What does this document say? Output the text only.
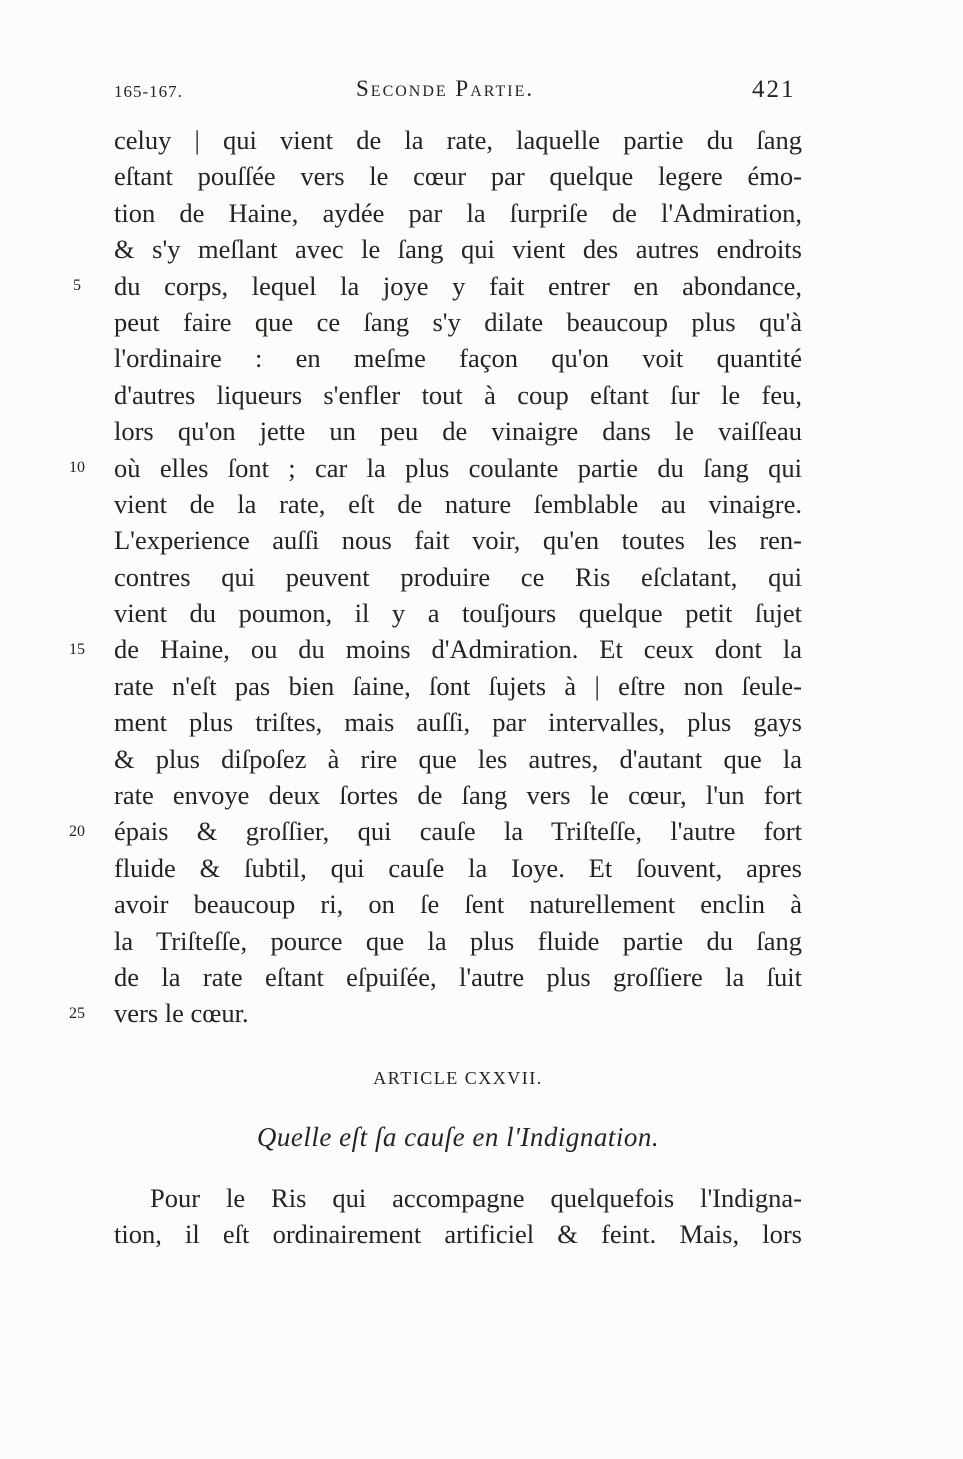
165-167.	Seconde Partie.	421
5
10
15
20
25
celuy | qui vient de la rate, laquelle partie du ſang
eſtant pouſſée vers le cœur par quelque legere émo-
tion de Haine, aydée par la ſurpriſe de l'Admiration,
& s'y meſlant avec le ſang qui vient des autres endroits
du corps, lequel la joye y fait entrer en abondance,
peut faire que ce ſang s'y dilate beaucoup plus qu'à
l'ordinaire : en meſme façon qu'on voit quantité
d'autres liqueurs s'enfler tout à coup eſtant ſur le feu,
lors qu'on jette un peu de vinaigre dans le vaiſſeau
où elles ſont ; car la plus coulante partie du ſang qui
vient de la rate, eſt de nature ſemblable au vinaigre.
L'experience auſſi nous fait voir, qu'en toutes les ren-
contres qui peuvent produire ce Ris eſclatant, qui
vient du poumon, il y a touſjours quelque petit ſujet
de Haine, ou du moins d'Admiration. Et ceux dont la
rate n'eſt pas bien ſaine, ſont ſujets à | eſtre non ſeule-
ment plus triſtes, mais auſſi, par intervalles, plus gays
& plus diſpoſez à rire que les autres, d'autant que la
rate envoye deux ſortes de ſang vers le cœur, l'un fort
épais & groſſier, qui cauſe la Triſteſſe, l'autre fort
fluide & ſubtil, qui cauſe la Ioye. Et ſouvent, apres
avoir beaucoup ri, on ſe ſent naturellement enclin à
la Triſteſſe, pource que la plus fluide partie du ſang
de la rate eſtant eſpuiſée, l'autre plus groſſiere la ſuit
vers le cœur.
ARTICLE CXXVII.
Quelle eſt ſa cauſe en l'Indignation.
Pour le Ris qui accompagne quelquefois l'Indigna-
tion, il eſt ordinairement artificiel & feint. Mais, lors
